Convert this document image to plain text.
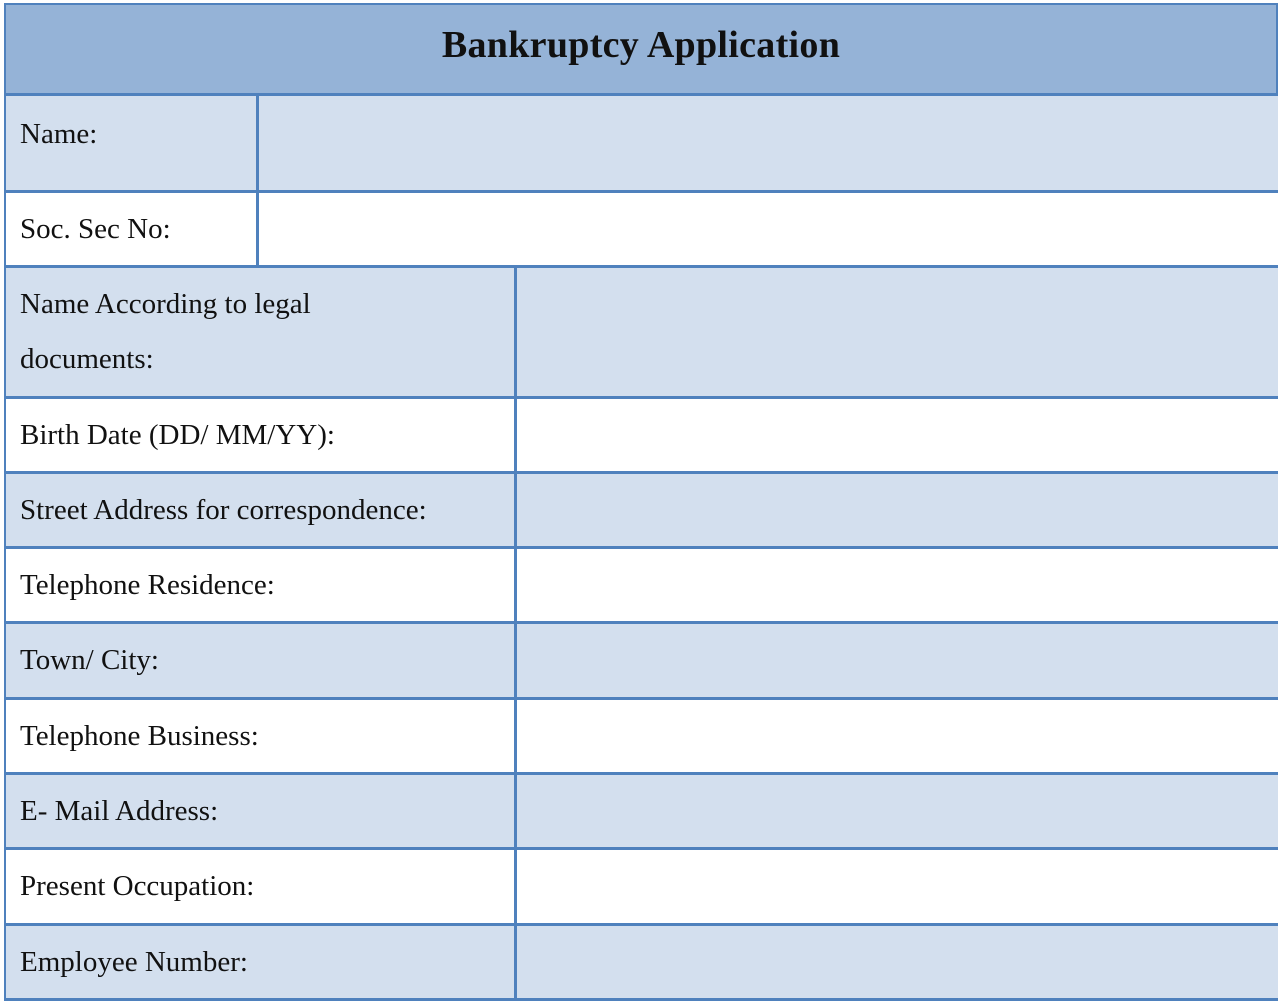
Bankruptcy Application
Name:
Soc. Sec No:
Name According to legal documents:
Birth Date (DD/ MM/YY):
Street Address for correspondence:
Telephone Residence:
Town/ City:
Telephone Business:
E- Mail Address:
Present Occupation:
Employee Number:
